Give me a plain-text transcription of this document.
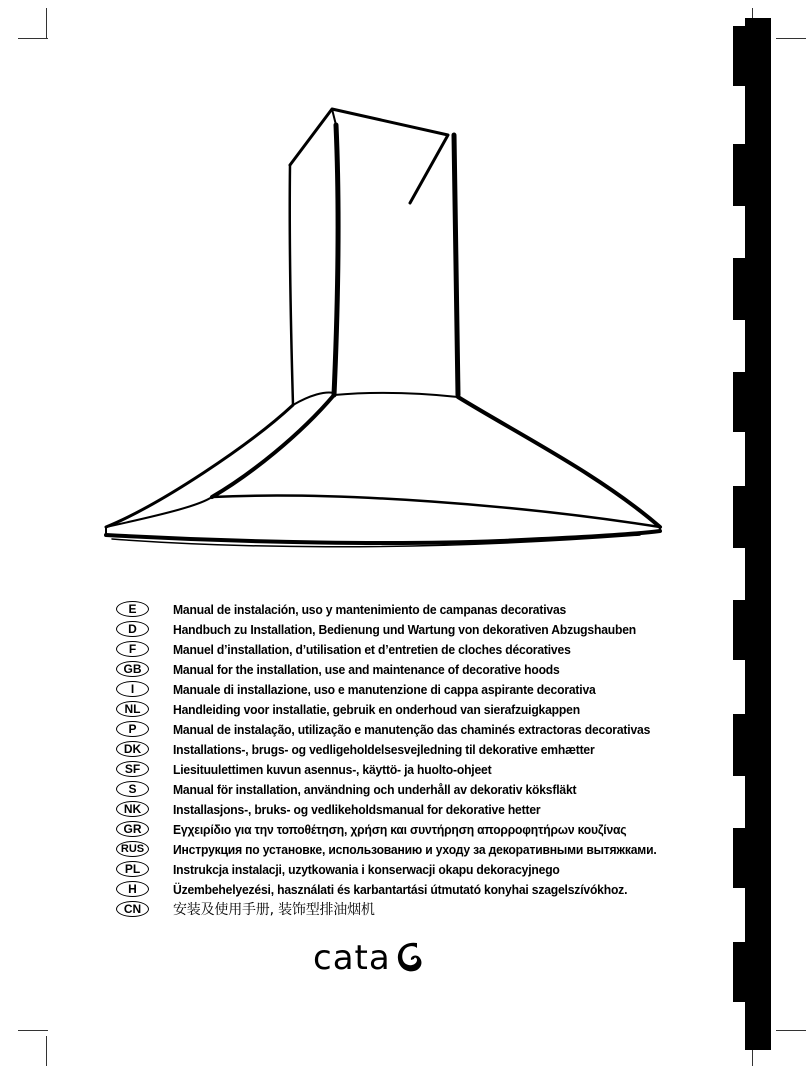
E	Manual de instalación, uso y mantenimiento de campanas decorativas
D	Handbuch zu Installation, Bedienung und Wartung von dekorativen Abzugshauben
F	Manuel d’installation, d’utilisation et d’entretien de cloches décoratives
GB	Manual for the installation, use and maintenance of decorative hoods
I	Manuale di installazione, uso e manutenzione di cappa aspirante decorativa
NL	Handleiding voor installatie, gebruik en onderhoud van sierafzuigkappen
P	Manual de instalação, utilização e manutenção das chaminés extractoras decorativas
DK	Installations-, brugs- og vedligeholdelsesvejledning til dekorative emhætter
SF	Liesituulettimen kuvun asennus-, käyttö- ja huolto-ohjeet
S	Manual för installation, användning och underhåll av dekorativ köksfläkt
NK	Installasjons-, bruks- og vedlikeholdsmanual for dekorative hetter
GR	Εγχειρίδιο για την τοποθέτηση, χρήση και συντήρηση απορροφητήρων κουζίνας
RUS	Инструкция по установке, использованию и уходу за декоративными вытяжками.
PL	Instrukcja instalacji, uzytkowania i konserwacji okapu dekoracyjnego
H	Üzembehelyezési, használati és karbantartási útmutató konyhai szagelszívókhoz.
CN	安装及使用手册, 装饰型排油烟机
cata
